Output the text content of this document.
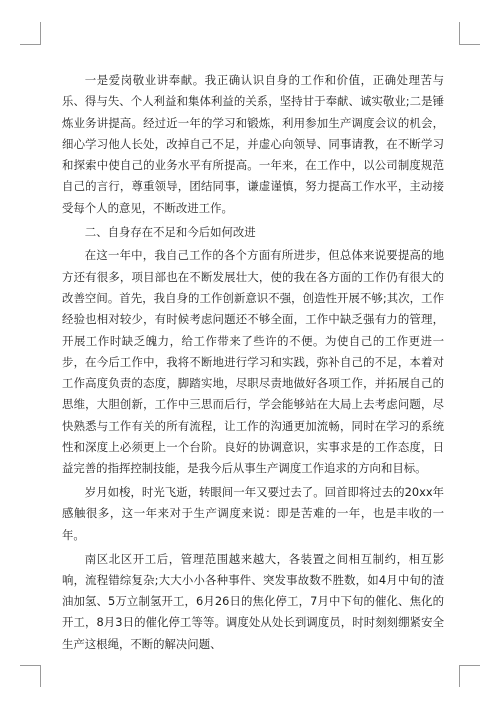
一是爱岗敬业讲奉献。我正确认识自身的工作和价值，正确处理苦与乐、得与失、个人利益和集体利益的关系，坚持甘于奉献、诚实敬业;二是锤炼业务讲提高。经过近一年的学习和锻炼，利用参加生产调度会议的机会，细心学习他人长处，改掉自己不足，并虚心向领导、同事请教，在不断学习和探索中使自己的业务水平有所提高。一年来，在工作中，以公司制度规范自己的言行，尊重领导，团结同事，谦虚谨慎，努力提高工作水平，主动接受每个人的意见，不断改进工作。

二、自身存在不足和今后如何改进

在这一年中，我自己工作的各个方面有所进步，但总体来说要提高的地方还有很多，项目部也在不断发展壮大，使的我在各方面的工作仍有很大的改善空间。首先，我自身的工作创新意识不强，创造性开展不够;其次，工作经验也相对较少，有时候考虑问题还不够全面，工作中缺乏强有力的管理，开展工作时缺乏魄力，给工作带来了些许的不便。为使自己的工作更进一步，在今后工作中，我将不断地进行学习和实践，弥补自己的不足，本着对工作高度负责的态度，脚踏实地，尽职尽责地做好各项工作，并拓展自己的思维，大胆创新，工作中三思而后行，学会能够站在大局上去考虑问题，尽快熟悉与工作有关的所有流程，让工作的沟通更加流畅，同时在学习的系统性和深度上必须更上一个台阶。良好的协调意识，实事求是的工作态度，日益完善的指挥控制技能，是我今后从事生产调度工作追求的方向和目标。

岁月如梭，时光飞逝，转眼间一年又要过去了。回首即将过去的20xx年感触很多，这一年来对于生产调度来说：即是苦难的一年，也是丰收的一年。

南区北区开工后，管理范围越来越大，各装置之间相互制约，相互影响，流程错综复杂;大大小小各种事件、突发事故数不胜数，如4月中旬的渣油加氢、5万立制氢开工，6月26日的焦化停工，7月中下旬的催化、焦化的开工，8月3日的催化停工等等。调度处从处长到调度员，时时刻刻绷紧安全生产这根绳，不断的解决问题、
